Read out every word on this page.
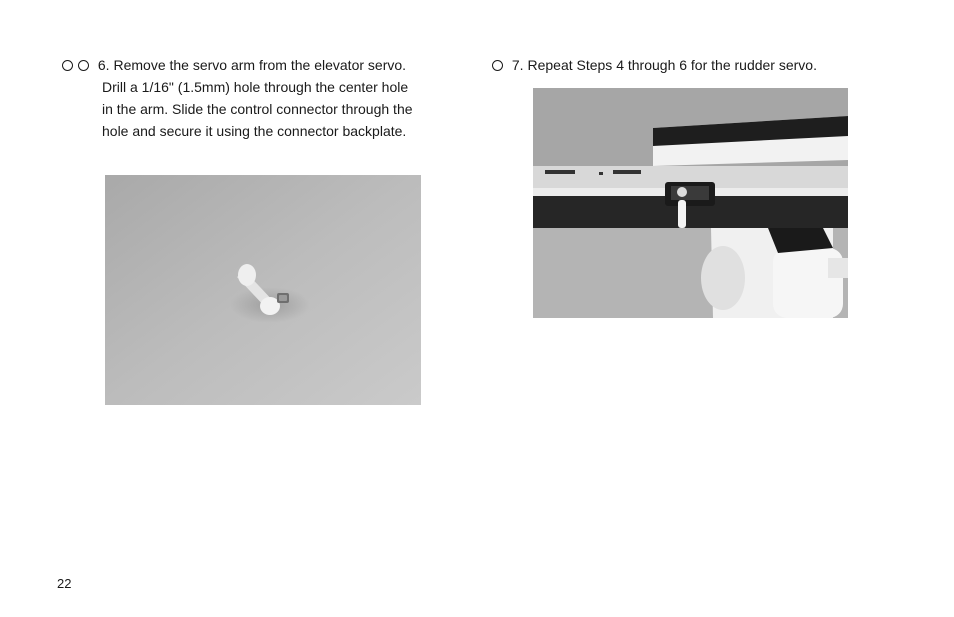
6. Remove the servo arm from the elevator servo. Drill a 1/16" (1.5mm) hole through the center hole in the arm. Slide the control connector through the hole and secure it using the connector backplate.
7. Repeat Steps 4 through 6 for the rudder servo.
22
